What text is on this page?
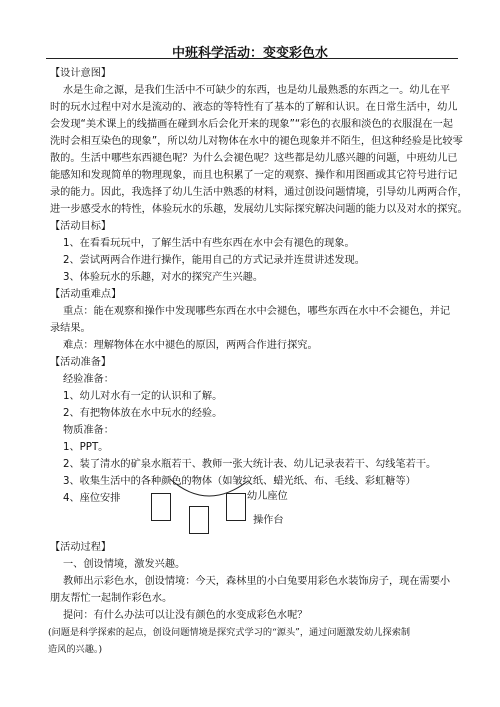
中班科学活动：变变彩色水
【设计意图】
水是生命之源，是我们生活中不可缺少的东西，也是幼儿最熟悉的东西之一。幼儿在平
时的玩水过程中对水是流动的、液态的等特性有了基本的了解和认识。在日常生活中，幼儿
会发现“美术课上的线描画在碰到水后会化开来的现象”“彩色的衣服和淡色的衣服混在一起
洗时会相互染色的现象”，所以幼儿对物体在水中的褪色现象并不陌生，但这种经验是比较零
散的。生活中哪些东西褪色呢？为什么会褪色呢？这些都是幼儿感兴趣的问题，中班幼儿已
能感知和发现简单的物理现象，而且也积累了一定的观察、操作和用图画或其它符号进行记
录的能力。因此，我选择了幼儿生活中熟悉的材料，通过创设问题情境，引导幼儿两两合作，
进一步感受水的特性，体验玩水的乐趣，发展幼儿实际探究解决问题的能力以及对水的探究。
【活动目标】
1、在看看玩玩中，了解生活中有些东西在水中会有褪色的现象。
2、尝试两两合作进行操作，能用自己的方式记录并连贯讲述发现。
3、体验玩水的乐趣，对水的探究产生兴趣。
【活动重难点】
重点：能在观察和操作中发现哪些东西在水中会褪色，哪些东西在水中不会褪色，并记
录结果。
难点：理解物体在水中褪色的原因，两两合作进行探究。
【活动准备】
经验准备：
1、幼儿对水有一定的认识和了解。
2、有把物体放在水中玩水的经验。
物质准备：
1、PPT。
2、装了清水的矿泉水瓶若干、教师一张大统计表、幼儿记录表若干、勾线笔若干。
3、收集生活中的各种颜色的物体（如皱纹纸、蜡光纸、布、毛线、彩虹糖等）
4、座位安排	幼儿座位
操作台
【活动过程】
一、创设情境，激发兴趣。
教师出示彩色水，创设情境：今天，森林里的小白兔要用彩色水装饰房子，现在需要小
朋友帮忙一起制作彩色水。
提问：有什么办法可以让没有颜色的水变成彩色水呢？
(问题是科学探索的起点，创设问题情境是探究式学习的“源头”，通过问题激发幼儿探索制
造风的兴趣。)
